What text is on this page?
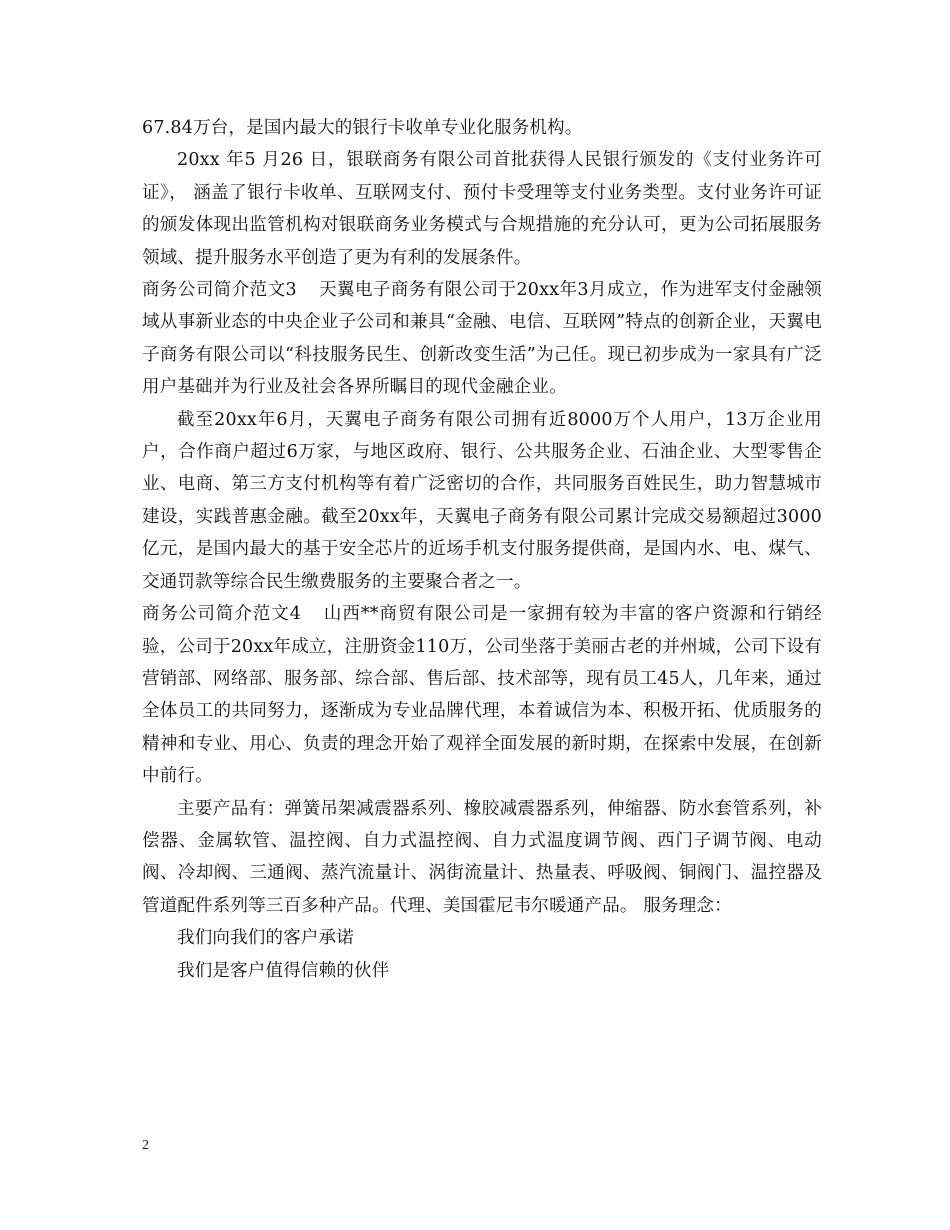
67.84万台，是国内最大的银行卡收单专业化服务机构。

20xx 年5 月26 日，银联商务有限公司首批获得人民银行颁发的《支付业务许可证》， 涵盖了银行卡收单、互联网支付、预付卡受理等支付业务类型。支付业务许可证的颁发体现出监管机构对银联商务业务模式与合规措施的充分认可，更为公司拓展服务领域、提升服务水平创造了更为有利的发展条件。

商务公司简介范文3 天翼电子商务有限公司于20xx年3月成立，作为进军支付金融领域从事新业态的中央企业子公司和兼具“金融、电信、互联网”特点的创新企业，天翼电子商务有限公司以“科技服务民生、创新改变生活”为己任。现已初步成为一家具有广泛用户基础并为行业及社会各界所瞩目的现代金融企业。

截至20xx年6月，天翼电子商务有限公司拥有近8000万个人用户，13万企业用户，合作商户超过6万家，与地区政府、银行、公共服务企业、石油企业、大型零售企业、电商、第三方支付机构等有着广泛密切的合作，共同服务百姓民生，助力智慧城市建设，实践普惠金融。截至20xx年，天翼电子商务有限公司累计完成交易额超过3000亿元，是国内最大的基于安全芯片的近场手机支付服务提供商，是国内水、电、煤气、交通罚款等综合民生缴费服务的主要聚合者之一。

商务公司简介范文4 山西**商贸有限公司是一家拥有较为丰富的客户资源和行销经验，公司于20xx年成立，注册资金110万，公司坐落于美丽古老的并州城，公司下设有营销部、网络部、服务部、综合部、售后部、技术部等，现有员工45人，几年来，通过全体员工的共同努力，逐渐成为专业品牌代理，本着诚信为本、积极开拓、优质服务的精神和专业、用心、负责的理念开始了观祥全面发展的新时期，在探索中发展，在创新中前行。

主要产品有：弹簧吊架减震器系列、橡胶减震器系列，伸缩器、防水套管系列，补偿器、金属软管、温控阀、自力式温控阀、自力式温度调节阀、西门子调节阀、电动阀、冷却阀、三通阀、蒸汽流量计、涡街流量计、热量表、呼吸阀、铜阀门、温控器及管道配件系列等三百多种产品。代理、美国霍尼韦尔暖通产品。 服务理念：

我们向我们的客户承诺

我们是客户值得信赖的伙伴

2
